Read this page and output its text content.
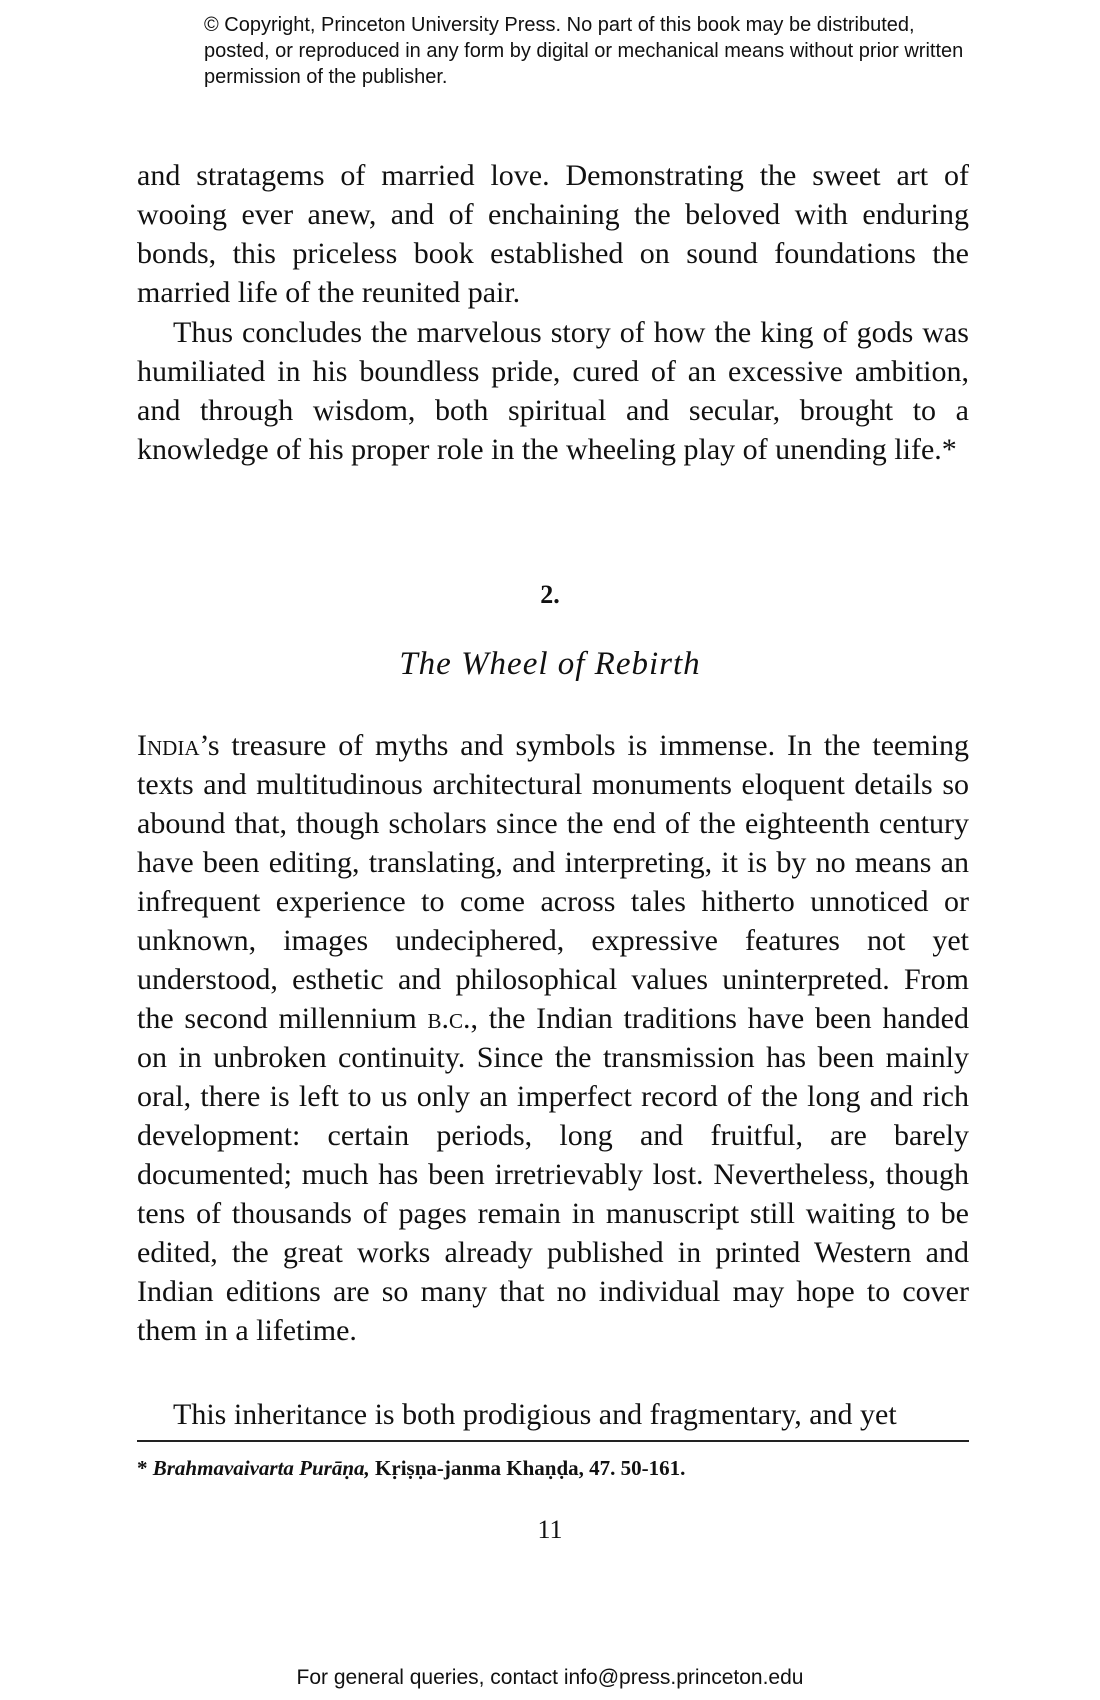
© Copyright, Princeton University Press. No part of this book may be distributed, posted, or reproduced in any form by digital or mechanical means without prior written permission of the publisher.

and stratagems of married love. Demonstrating the sweet art of wooing ever anew, and of enchaining the beloved with enduring bonds, this priceless book established on sound foundations the married life of the reunited pair.

Thus concludes the marvelous story of how the king of gods was humiliated in his boundless pride, cured of an excessive ambition, and through wisdom, both spiritual and secular, brought to a knowledge of his proper role in the wheeling play of unending life.*

2.
The Wheel of Rebirth

India’s treasure of myths and symbols is immense. In the teeming texts and multitudinous architectural monuments eloquent details so abound that, though scholars since the end of the eighteenth century have been editing, translating, and interpreting, it is by no means an infrequent experience to come across tales hitherto unnoticed or unknown, images undeciphered, expressive features not yet understood, esthetic and philosophical values uninterpreted. From the second millennium b.c., the Indian traditions have been handed on in unbroken continuity. Since the transmission has been mainly oral, there is left to us only an imperfect record of the long and rich development: certain periods, long and fruitful, are barely documented; much has been irretrievably lost. Nevertheless, though tens of thousands of pages remain in manuscript still waiting to be edited, the great works already published in printed Western and Indian editions are so many that no individual may hope to cover them in a lifetime.

This inheritance is both prodigious and fragmentary, and yet

* Brahmavaivarta Purāṇa, Kṛiṣṇa-janma Khaṇḍa, 47. 50-161.
11
For general queries, contact info@press.princeton.edu
